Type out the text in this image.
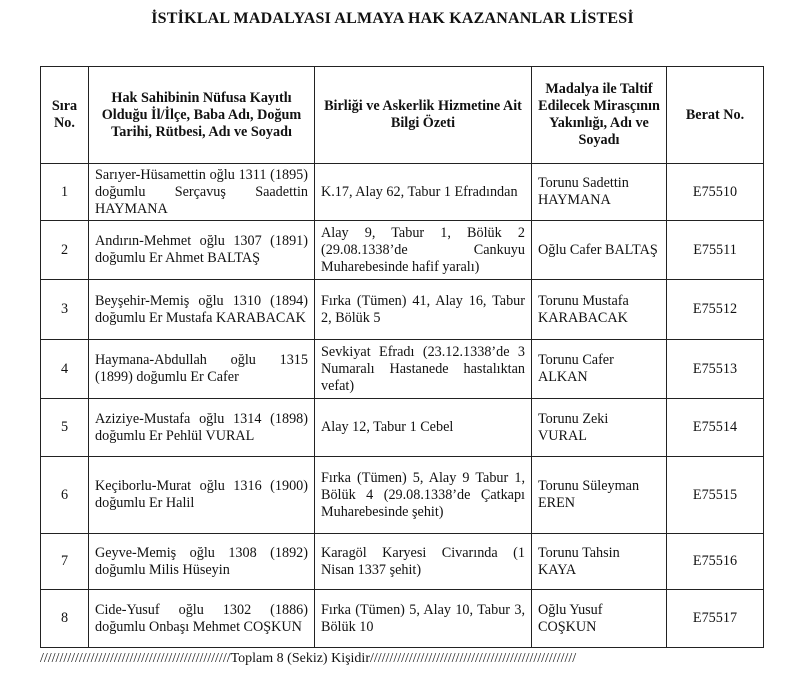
İSTİKLAL MADALYASI ALMAYA HAK KAZANANLAR LİSTESİ
Sıra No.	Hak Sahibinin Nüfusa Kayıtlı Olduğu İl/İlçe, Baba Adı, Doğum Tarihi, Rütbesi, Adı ve Soyadı	Birliği ve Askerlik Hizmetine Ait Bilgi Özeti	Madalya ile Taltif Edilecek Mirasçının Yakınlığı, Adı ve Soyadı	Berat No.
1	Sarıyer-Hüsamettin oğlu 1311 (1895) doğumlu Serçavuş Saadettin HAYMANA	K.17, Alay 62, Tabur 1 Efradından	Torunu Sadettin HAYMANA	E75510
2	Andırın-Mehmet oğlu 1307 (1891) doğumlu Er Ahmet BALTAŞ	Alay 9, Tabur 1, Bölük 2 (29.08.1338’de Cankuyu Muharebesinde hafif yaralı)	Oğlu Cafer BALTAŞ	E75511
3	Beyşehir-Memiş oğlu 1310 (1894) doğumlu Er Mustafa KARABACAK	Fırka (Tümen) 41, Alay 16, Tabur 2, Bölük 5	Torunu Mustafa KARABACAK	E75512
4	Haymana-Abdullah oğlu 1315 (1899) doğumlu Er Cafer	Sevkiyat Efradı (23.12.1338’de 3 Numaralı Hastanede hastalıktan vefat)	Torunu Cafer ALKAN	E75513
5	Aziziye-Mustafa oğlu 1314 (1898) doğumlu Er Pehlül VURAL	Alay 12, Tabur 1 Cebel	Torunu Zeki VURAL	E75514
6	Keçiborlu-Murat oğlu 1316 (1900) doğumlu Er Halil	Fırka (Tümen) 5, Alay 9 Tabur 1, Bölük 4 (29.08.1338’de Çatkapı Muharebesinde şehit)	Torunu Süleyman EREN	E75515
7	Geyve-Memiş oğlu 1308 (1892) doğumlu Milis Hüseyin	Karagöl Karyesi Civarında (1 Nisan 1337 şehit)	Torunu Tahsin KAYA	E75516
8	Cide-Yusuf oğlu 1302 (1886) doğumlu Onbaşı Mehmet COŞKUN	Fırka (Tümen) 5, Alay 10, Tabur 3, Bölük 10	Oğlu Yusuf COŞKUN	E75517
/////////////////////////////////////////////////Toplam 8 (Sekiz) Kişidir/////////////////////////////////////////////////////
